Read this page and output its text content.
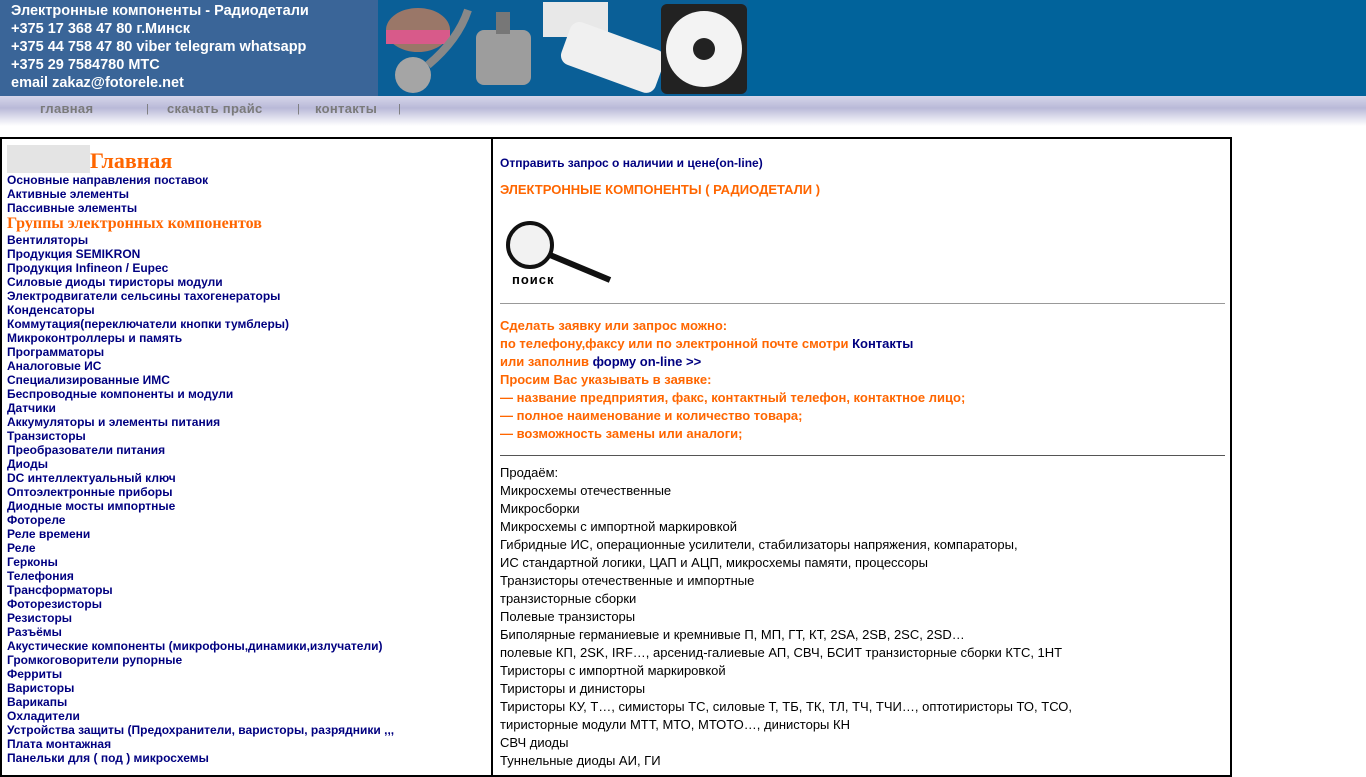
Электронные компоненты - Радиодетали
+375 17 368 47 80 г.Минск
+375 44 758 47 80 viber telegram whatsapp
+375 29 7584780 МТС
email zakaz@fotorele.net
главная	| скачать прайс	| контакты |
Главная
Основные направления поставок
Активные элементы
Пассивные элементы
Группы электронных компонентов
Вентиляторы
Продукция SEMIKRON
Продукция Infineon / Eupec
Силовые диоды тиристоры модули
Электродвигатели сельсины тахогенераторы
Конденсаторы
Коммутация(переключатели кнопки тумблеры)
Микроконтроллеры и память
Программаторы
Аналоговые ИС
Специализированные ИМС
Беспроводные компоненты и модули
Датчики
Аккумуляторы и элементы питания
Транзисторы
Преобразователи питания
Диоды
DC интеллектуальный ключ
Оптоэлектронные приборы
Диодные мосты импортные
Фотореле
Реле времени
Реле
Герконы
Телефония
Трансформаторы
Фоторезисторы
Резисторы
Разъёмы
Акустические компоненты (микрофоны,динамики,излучатели)
Громкоговорители рупорные
Ферриты
Варисторы
Варикапы
Охладители
Устройства защиты (Предохранители, варисторы, разрядники ,,,
Плата монтажная
Панельки для ( под ) микросхемы
Отправить запрос о наличии и цене(on-line)
ЭЛЕКТРОННЫЕ КОМПОНЕНТЫ ( РАДИОДЕТАЛИ )
поиск
Сделать заявку или запрос можно:
по телефону,факсу или по электронной почте смотри Контакты
или заполнив форму on-line >>
Просим Вас указывать в заявке:
— название предприятия, факс, контактный телефон, контактное лицо;
— полное наименование и количество товара;
— возможность замены или аналоги;
Продаём:
Микросхемы отечественные
Микросборки
Микросхемы с импортной маркировкой
Гибридные ИС, операционные усилители, стабилизаторы напряжения, компараторы,
ИС стандартной логики, ЦАП и АЦП, микросхемы памяти, процессоры
Транзисторы отечественные и импортные
транзисторные сборки
Полевые транзисторы
Биполярные германиевые и кремнивые П, МП, ГТ, КТ, 2SA, 2SB, 2SC, 2SD…
полевые КП, 2SK, IRF…, арсенид-галиевые АП, СВЧ, БСИТ транзисторные сборки КТС, 1НТ
Тиристоры с импортной маркировкой
Тиристоры и динисторы
Тиристоры КУ, Т…, симисторы ТС, силовые Т, ТБ, ТК, ТЛ, ТЧ, ТЧИ…, оптотиристоры ТО, ТСО,
тиристорные модули МТТ, МТО, МТОТО…, динисторы КН
СВЧ диоды
Туннельные диоды АИ, ГИ
